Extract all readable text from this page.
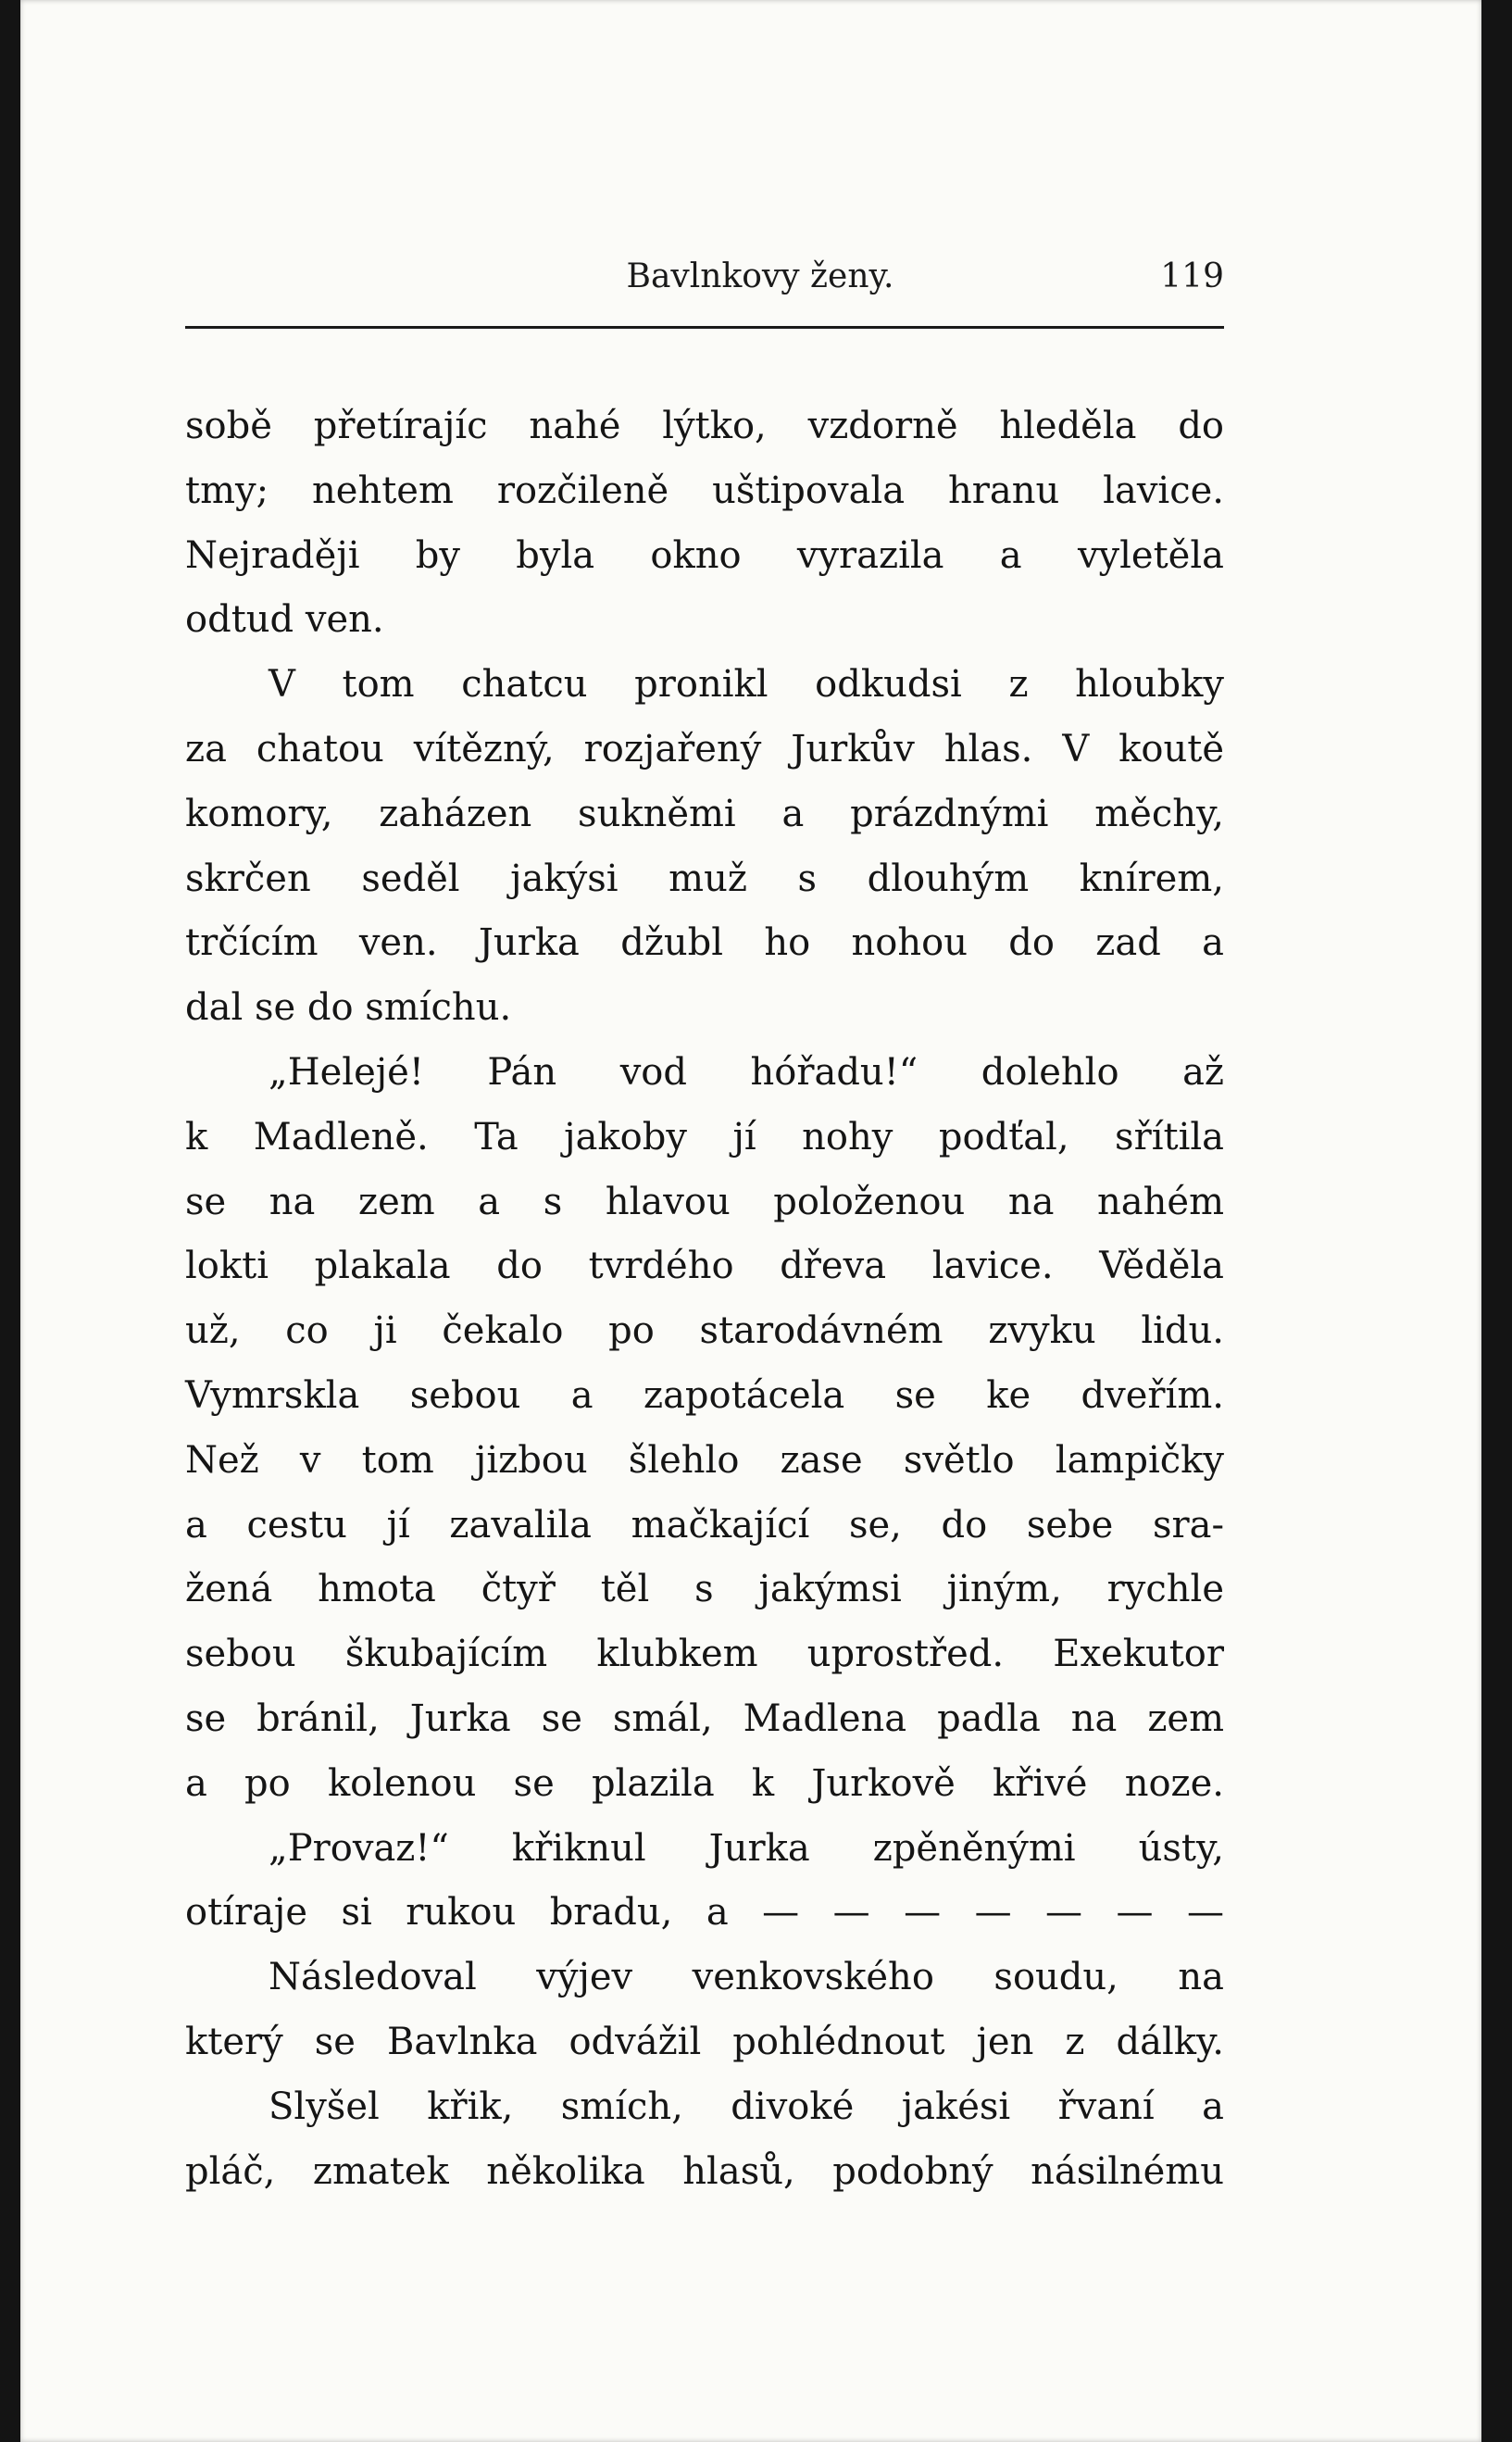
Bavlnkovy ženy.	119
sobě přetírajíc nahé lýtko, vzdorně hleděla do
tmy; nehtem rozčileně uštipovala hranu lavice.
Nejraději by byla okno vyrazila a vyletěla
odtud ven.
V tom chatcu pronikl odkudsi z hloubky
za chatou vítězný, rozjařený Jurkův hlas. V koutě
komory, zaházen sukněmi a prázdnými měchy,
skrčen seděl jakýsi muž s dlouhým knírem,
trčícím ven. Jurka džubl ho nohou do zad a
dal se do smíchu.
„Helejé! Pán vod hóřadu!“ dolehlo až
k Madleně. Ta jakoby jí nohy podťal, sřítila
se na zem a s hlavou položenou na nahém
lokti plakala do tvrdého dřeva lavice. Věděla
už, co ji čekalo po starodávném zvyku lidu.
Vymrskla sebou a zapotácela se ke dveřím.
Než v tom jizbou šlehlo zase světlo lampičky
a cestu jí zavalila mačkající se, do sebe sra-
žená hmota čtyř těl s jakýmsi jiným, rychle
sebou škubajícím klubkem uprostřed. Exekutor
se bránil, Jurka se smál, Madlena padla na zem
a po kolenou se plazila k Jurkově křivé noze.
„Provaz!“ křiknul Jurka zpěněnými ústy,
otíraje si rukou bradu, a — — — — — — —
Následoval výjev venkovského soudu, na
který se Bavlnka odvážil pohlédnout jen z dálky.
Slyšel křik, smích, divoké jakési řvaní a
pláč, zmatek několika hlasů, podobný násilnému
